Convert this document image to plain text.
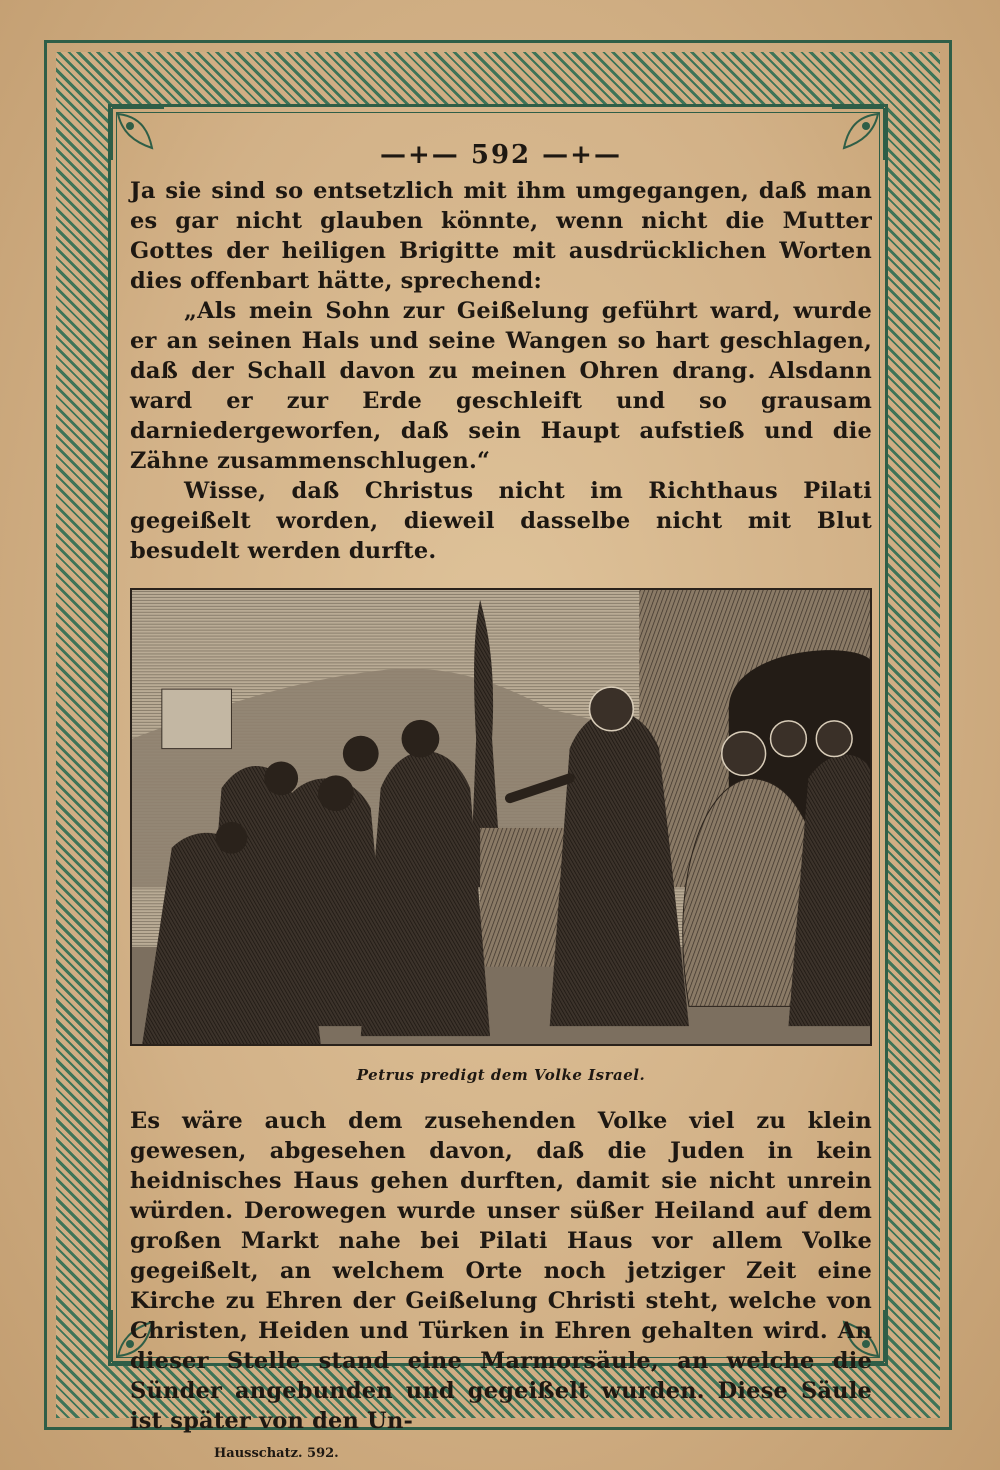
—+— 592 —+—

Ja sie sind so entsetzlich mit ihm umgegangen, daß man es gar nicht glauben könnte, wenn nicht die Mutter Gottes der heiligen Brigitte mit ausdrücklichen Worten dies offenbart hätte, sprechend:

„Als mein Sohn zur Geißelung geführt ward, wurde er an seinen Hals und seine Wangen so hart geschlagen, daß der Schall davon zu meinen Ohren drang. Alsdann ward er zur Erde geschleift und so grausam darniedergeworfen, daß sein Haupt aufstieß und die Zähne zusammenschlugen.“

Wisse, daß Christus nicht im Richthaus Pilati gegeißelt worden, dieweil dasselbe nicht mit Blut besudelt werden durfte.

Petrus predigt dem Volke Israel.

Es wäre auch dem zusehenden Volke viel zu klein gewesen, abgesehen davon, daß die Juden in kein heidnisches Haus gehen durften, damit sie nicht unrein würden. Derowegen wurde unser süßer Heiland auf dem großen Markt nahe bei Pilati Haus vor allem Volke gegeißelt, an welchem Orte noch jetziger Zeit eine Kirche zu Ehren der Geißelung Christi steht, welche von Christen, Heiden und Türken in Ehren gehalten wird. An dieser Stelle stand eine Marmorsäule, an welche die Sünder angebunden und gegeißelt wurden. Diese Säule ist später von den Un-

Hausschatz. 592.
